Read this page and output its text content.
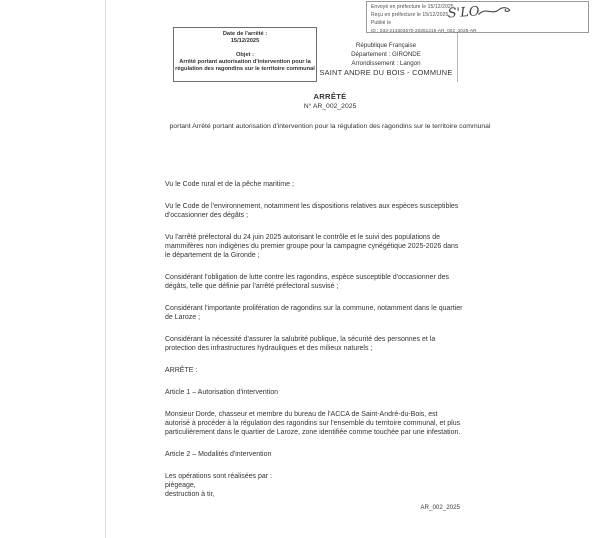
Envoyé en préfecture le 15/12/2025
Reçu en préfecture le 15/12/2025
Publié le
ID : 033-213303670-20251215-AR_002_2025-AR
S'LO
Date de l'arrêté :
15/12/2025
Objet :
Arrêté portant autorisation d'intervention pour la régulation des ragondins sur le territoire communal
République Française
Département : GIRONDE
Arrondissement : Langon
SAINT ANDRE DU BOIS - COMMUNE
ARRÊTÉ
N° AR_002_2025
portant Arrêté portant autorisation d'intervention pour la régulation des ragondins sur le territoire communal

Vu le Code rural et de la pêche maritime ;

Vu le Code de l'environnement, notamment les dispositions relatives aux espèces susceptibles d'occasionner des dégâts ;

Vu l'arrêté préfectoral du 24 juin 2025 autorisant le contrôle et le suivi des populations de mammifères non indigènes du premier groupe pour la campagne cynégétique 2025-2026 dans le département de la Gironde ;

Considérant l'obligation de lutte contre les ragondins, espèce susceptible d'occasionner des dégâts, telle que définie par l'arrêté préfectoral susvisé ;

Considérant l'importante prolifération de ragondins sur la commune, notamment dans le quartier de Laroze ;

Considérant la nécessité d'assurer la salubrité publique, la sécurité des personnes et la protection des infrastructures hydrauliques et des milieux naturels ;

ARRÊTE :

Article 1 – Autorisation d'intervention

Monsieur Dorde, chasseur et membre du bureau de l'ACCA de Saint-André-du-Bois, est autorisé à procéder à la régulation des ragondins sur l'ensemble du territoire communal, et plus particulièrement dans le quartier de Laroze, zone identifiée comme touchée par une infestation.

Article 2 – Modalités d'intervention

Les opérations sont réalisées par :

piégeage,

destruction à tir,

AR_002_2025
